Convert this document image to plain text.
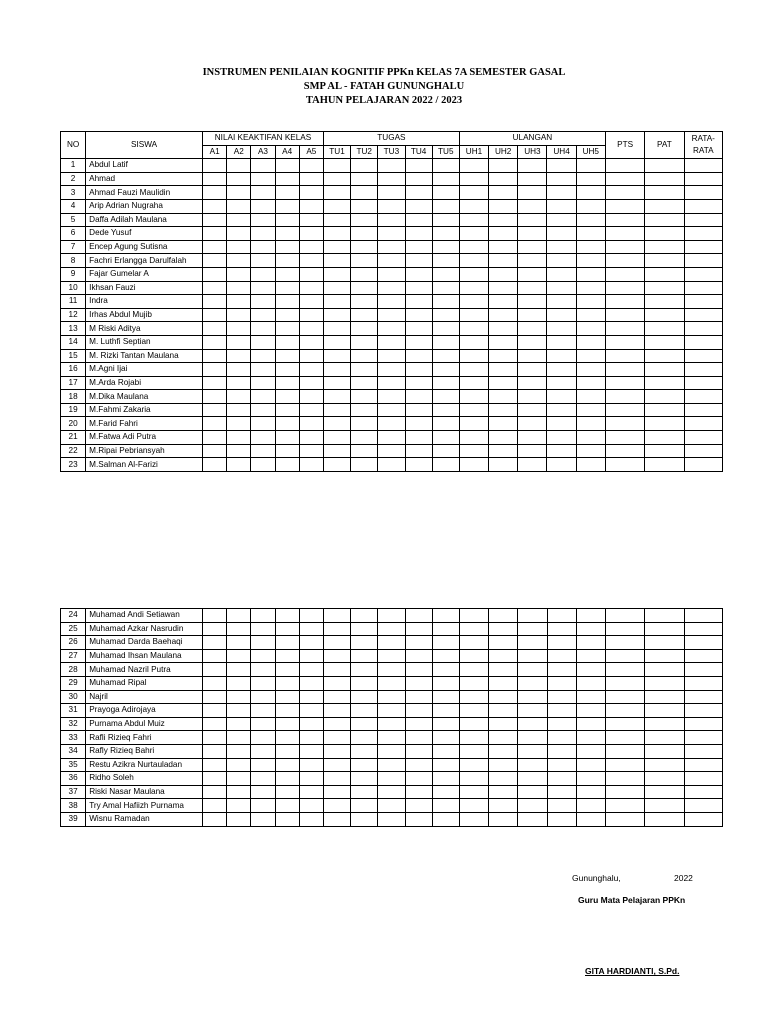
INSTRUMEN PENILAIAN KOGNITIF PPKn KELAS 7A SEMESTER GASAL
SMP AL - FATAH GUNUNGHALU
TAHUN PELAJARAN 2022 / 2023
NO	SISWA	NILAI KEAKTIFAN KELAS					TUGAS					ULANGAN					PTS	PAT	RATA-RATA
		A1	A2	A3	A4	A5	TU1	TU2	TU3	TU4	TU5	UH1	UH2	UH3	UH4	UH5			
1	Abdul Latif																		
2	Ahmad																		
3	Ahmad Fauzi Maulidin																		
4	Arip Adrian Nugraha																		
5	Daffa Adilah Maulana																		
6	Dede Yusuf																		
7	Encep Agung Sutisna																		
8	Fachri Erlangga Darulfalah																		
9	Fajar Gumelar A																		
10	Ikhsan Fauzi																		
11	Indra																		
12	Irhas Abdul Mujib																		
13	M Riski Aditya																		
14	M. Luthfi Septian																		
15	M. Rizki Tantan Maulana																		
16	M.Agni Ijai																		
17	M.Arda Rojabi																		
18	M.Dika Maulana																		
19	M.Fahmi Zakaria																		
20	M.Farid Fahri																		
21	M.Fatwa Adi Putra																		
22	M.Ripai Pebriansyah																		
23	M.Salman Al-Farizi																		
24	Muhamad Andi Setiawan																		
25	Muhamad Azkar Nasrudin																		
26	Muhamad Darda Baehaqi																		
27	Muhamad Ihsan Maulana																		
28	Muhamad Nazril Putra																		
29	Muhamad Ripal																		
30	Najril																		
31	Prayoga Adirojaya																		
32	Purnama Abdul Muiz																		
33	Rafli Rizieq Fahri																		
34	Rafly Rizieq Bahri																		
35	Restu Azikra Nurtauladan																		
36	Ridho Soleh																		
37	Riski Nasar Maulana																		
38	Try Amal Hafiizh Purnama																		
39	Wisnu Ramadan																		
Gununghalu,	2022
Guru Mata Pelajaran PPKn
GITA HARDIANTI, S.Pd.
